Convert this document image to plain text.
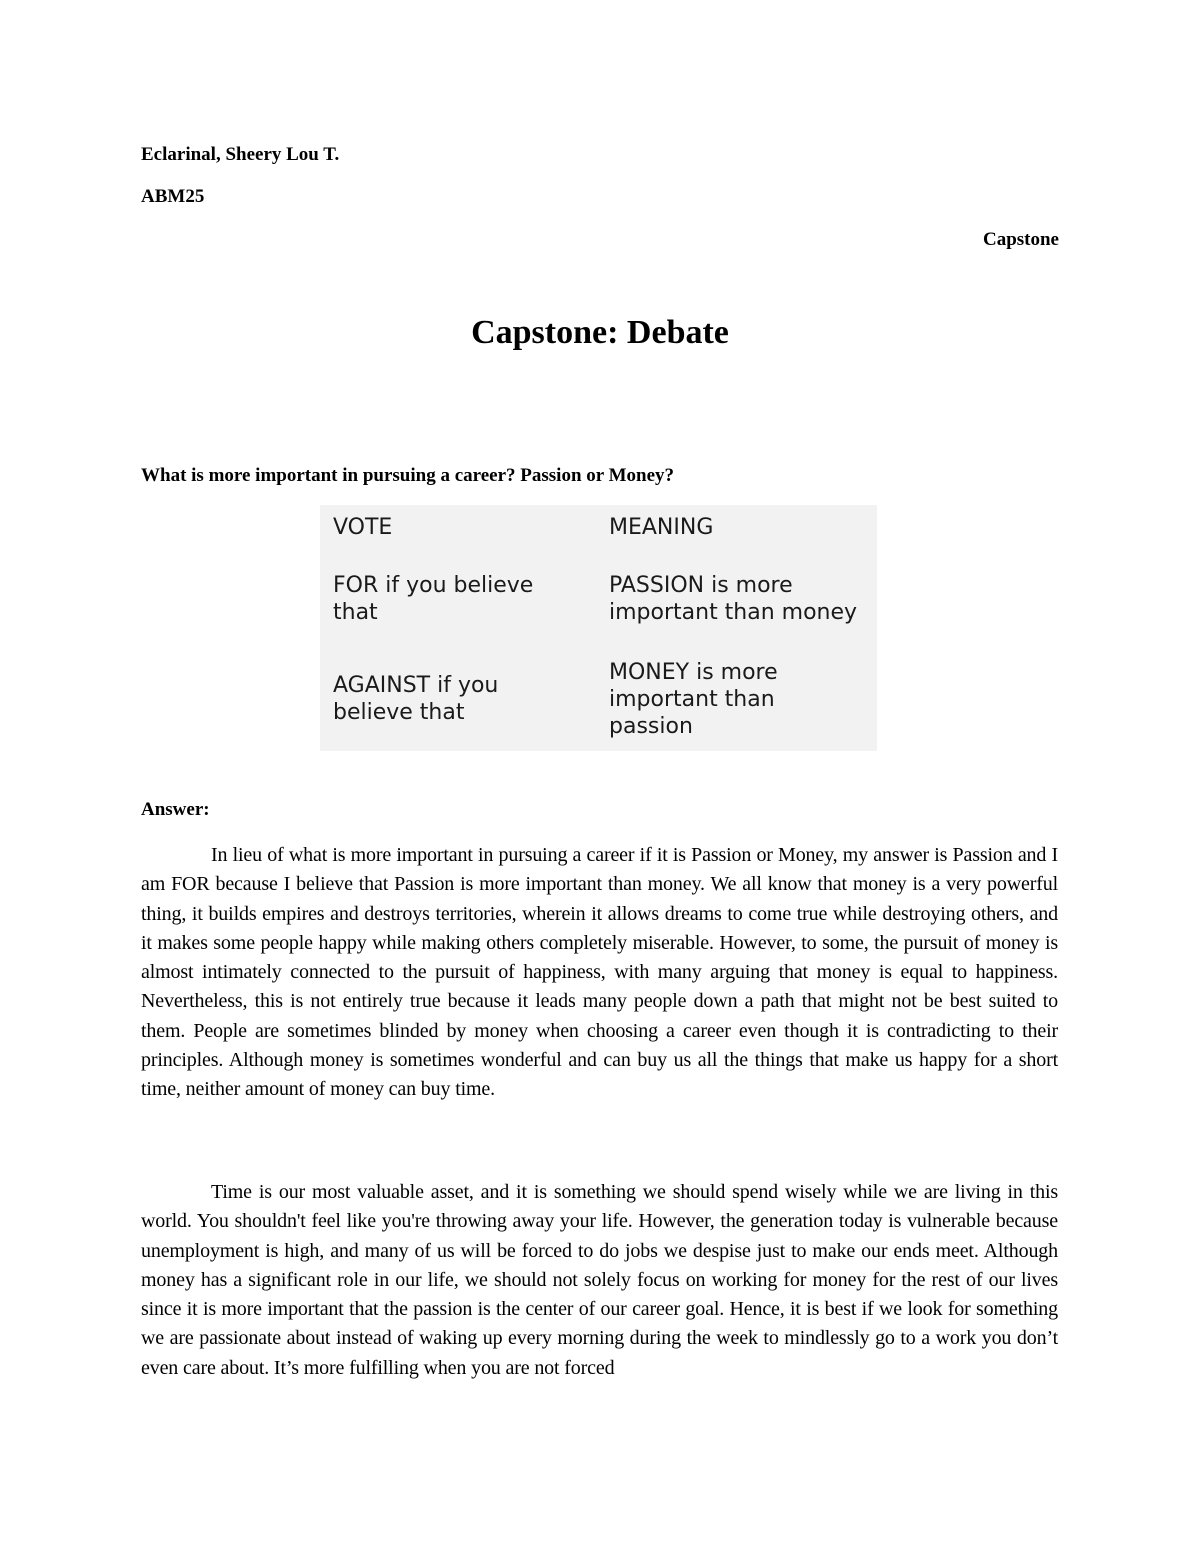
Eclarinal, Sheery Lou T.
ABM25
Capstone
Capstone: Debate
What is more important in pursuing a career? Passion or Money?
VOTE	MEANING
FOR if you believe that	PASSION is more important than money
AGAINST if you believe that	MONEY is more important than passion
Answer:

In lieu of what is more important in pursuing a career if it is Passion or Money, my answer is Passion and I am FOR because I believe that Passion is more important than money. We all know that money is a very powerful thing, it builds empires and destroys territories, wherein it allows dreams to come true while destroying others, and it makes some people happy while making others completely miserable. However, to some, the pursuit of money is almost intimately connected to the pursuit of happiness, with many arguing that money is equal to happiness. Nevertheless, this is not entirely true because it leads many people down a path that might not be best suited to them. People are sometimes blinded by money when choosing a career even though it is contradicting to their principles. Although money is sometimes wonderful and can buy us all the things that make us happy for a short time, neither amount of money can buy time.

Time is our most valuable asset, and it is something we should spend wisely while we are living in this world. You shouldn't feel like you're throwing away your life. However, the generation today is vulnerable because unemployment is high, and many of us will be forced to do jobs we despise just to make our ends meet. Although money has a significant role in our life, we should not solely focus on working for money for the rest of our lives since it is more important that the passion is the center of our career goal. Hence, it is best if we look for something we are passionate about instead of waking up every morning during the week to mindlessly go to a work you don’t even care about. It’s more fulfilling when you are not forced
